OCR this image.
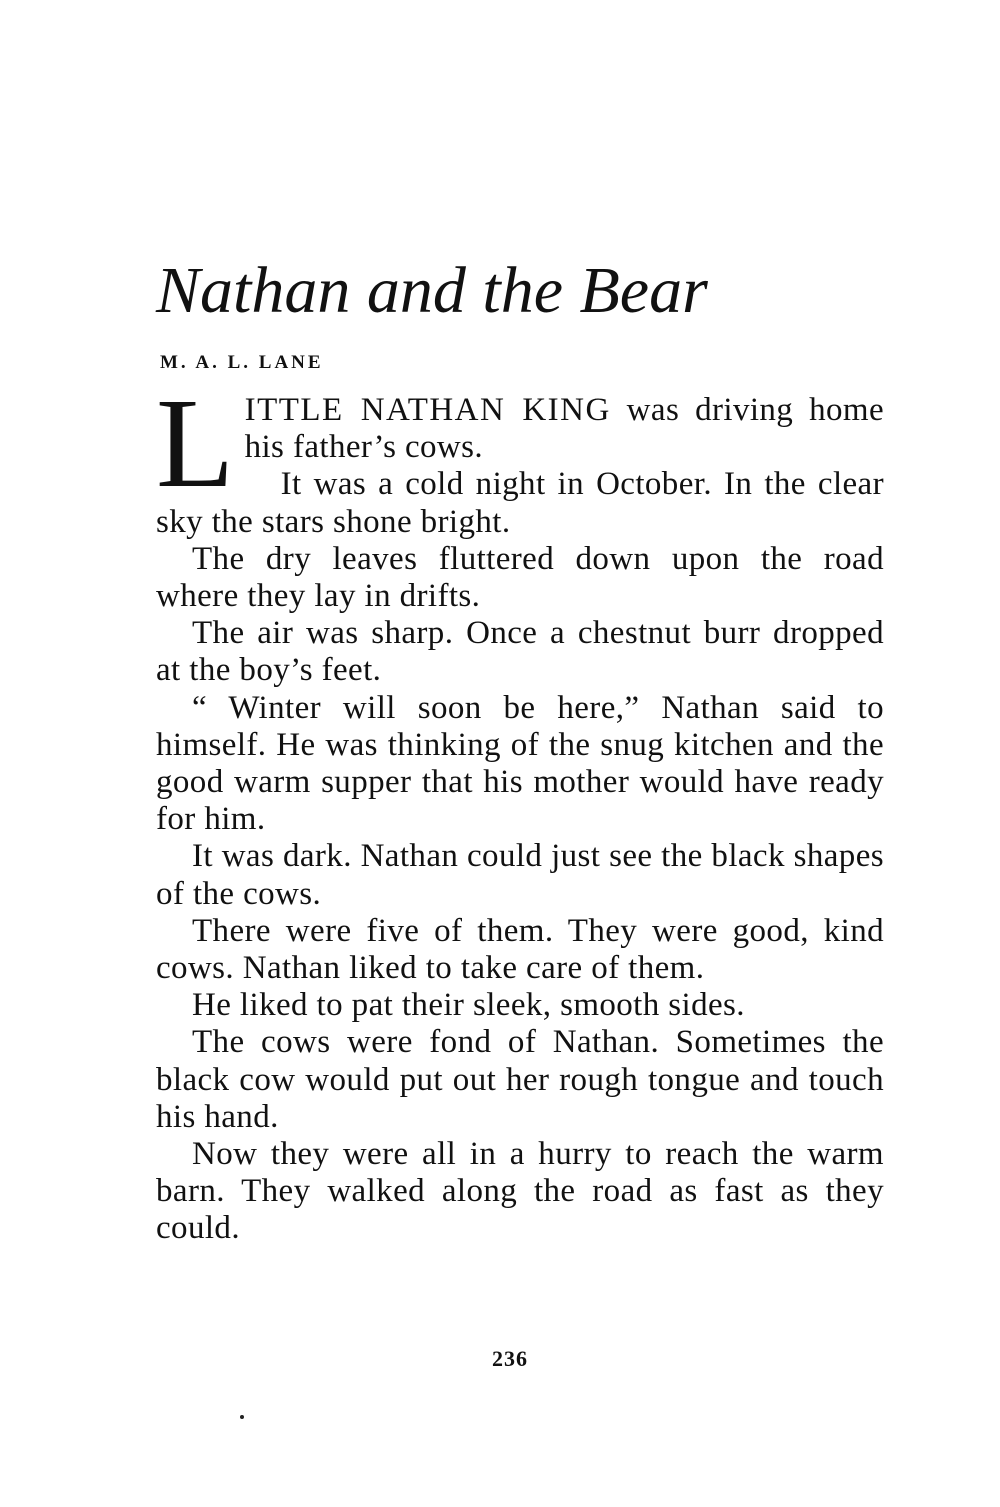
Nathan and the Bear
M. A. L. LANE

LITTLE NATHAN KING was driving home his father’s cows.

It was a cold night in October. In the clear sky the stars shone bright.

The dry leaves fluttered down upon the road where they lay in drifts.

The air was sharp. Once a chestnut burr dropped at the boy’s feet.

“ Winter will soon be here,” Nathan said to himself. He was thinking of the snug kitchen and the good warm supper that his mother would have ready for him.

It was dark. Nathan could just see the black shapes of the cows.

There were five of them. They were good, kind cows. Nathan liked to take care of them.

He liked to pat their sleek, smooth sides.

The cows were fond of Nathan. Sometimes the black cow would put out her rough tongue and touch his hand.

Now they were all in a hurry to reach the warm barn. They walked along the road as fast as they could.

236
